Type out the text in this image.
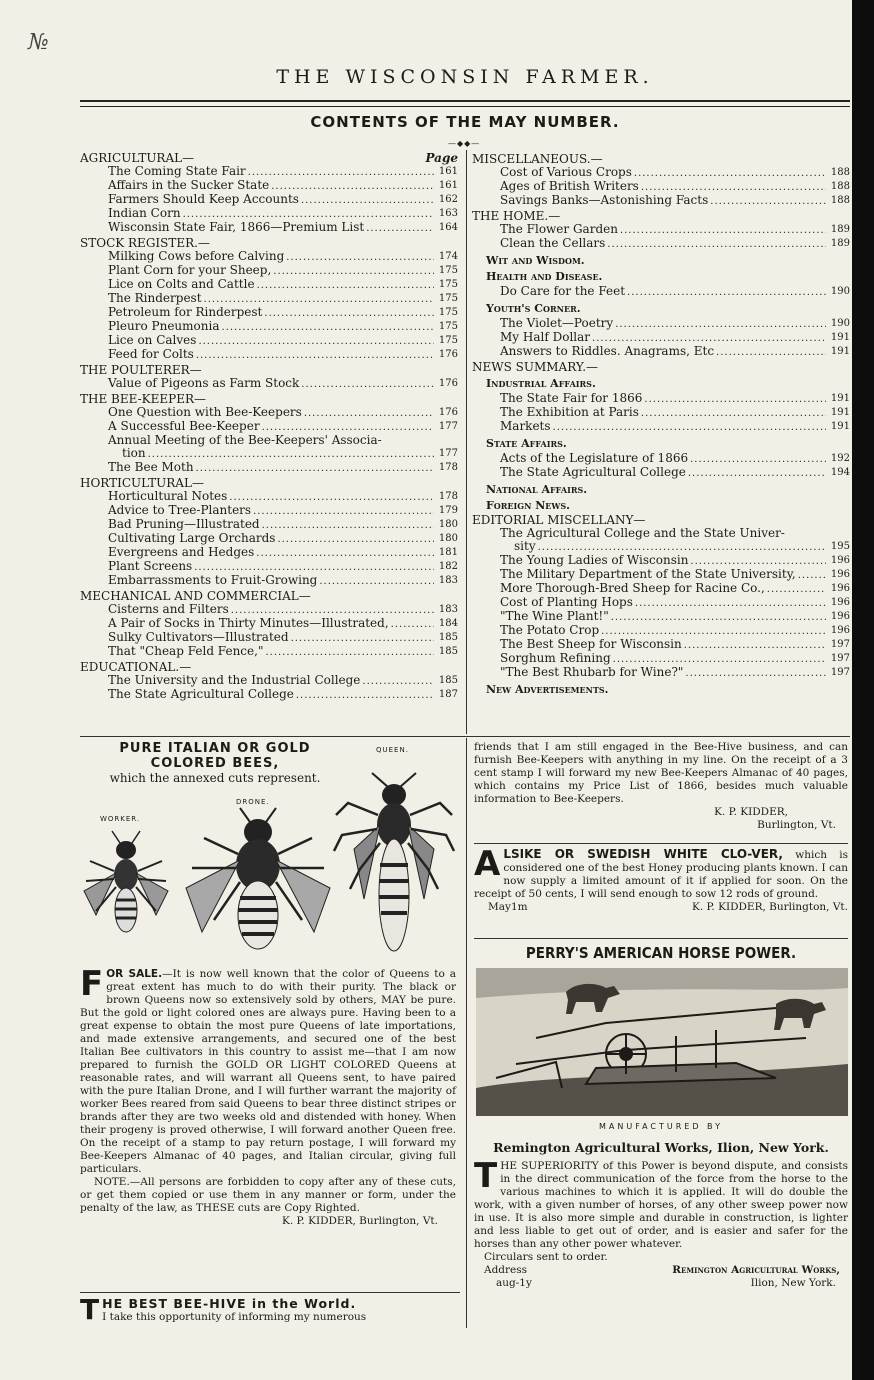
№
THE WISCONSIN FARMER.
CONTENTS OF THE MAY NUMBER.
—◆◆—
AGRICULTURAL—	Page
The Coming State Fair .....	161
Affairs in the Sucker State .....	161
Farmers Should Keep Accounts .....	162
Indian Corn .....	163
Wisconsin State Fair, 1866—Premium List .....	164
STOCK REGISTER.—
Milking Cows before Calving .....	174
Plant Corn for your Sheep, .....	175
Lice on Colts and Cattle .....	175
The Rinderpest .....	175
Petroleum for Rinderpest .....	175
Pleuro Pneumonia .....	175
Lice on Calves .....	175
Feed for Colts .....	176
THE POULTERER—
Value of Pigeons as Farm Stock .....	176
THE BEE-KEEPER—
One Question with Bee-Keepers .....	176
A Successful Bee-Keeper .....	177
Annual Meeting of the Bee-Keepers' Associa-
tion .....	177
The Bee Moth .....	178
HORTICULTURAL—
Horticultural Notes .....	178
Advice to Tree-Planters .....	179
Bad Pruning—Illustrated .....	180
Cultivating Large Orchards .....	180
Evergreens and Hedges .....	181
Plant Screens .....	182
Embarrassments to Fruit-Growing .....	183
MECHANICAL AND COMMERCIAL—
Cisterns and Filters .....	183
A Pair of Socks in Thirty Minutes—Illustrated, .....	184
Sulky Cultivators—Illustrated .....	185
That "Cheap Feld Fence," .....	185
EDUCATIONAL.—
The University and the Industrial College .....	185
The State Agricultural College .....	187
MISCELLANEOUS.—
Cost of Various Crops .....	188
Ages of British Writers .....	188
Savings Banks—Astonishing Facts .....	188
THE HOME.—
The Flower Garden .....	189
Clean the Cellars .....	189
Wit and Wisdom.
Health and Disease.
Do Care for the Feet .....	190
Youth's Corner.
The Violet—Poetry .....	190
My Half Dollar .....	191
Answers to Riddles. Anagrams, Etc .....	191
NEWS SUMMARY.—
Industrial Affairs.
The State Fair for 1866 .....	191
The Exhibition at Paris .....	191
Markets .....	191
State Affairs.
Acts of the Legislature of 1866 .....	192
The State Agricultural College .....	194
National Affairs.
Foreign News.
EDITORIAL MISCELLANY—
The Agricultural College and the State Univer-
sity .....	195
The Young Ladies of Wisconsin .....	196
The Military Department of the State University, .....	196
More Thorough-Bred Sheep for Racine Co., .....	196
Cost of Planting Hops .....	196
"The Wine Plant!" .....	196
The Potato Crop .....	196
The Best Sheep for Wisconsin .....	197
Sorghum Refining .....	197
"The Best Rhubarb for Wine?" .....	197
New Advertisements.
PURE ITALIAN OR GOLD
COLORED BEES,
which the annexed cuts represent.
QUEEN.
DRONE.
WORKER.
FOR SALE.—It is now well known that the color of Queens to a great extent has much to do with their purity. The black or brown Queens now so extensively sold by others, MAY be pure. But the gold or light colored ones are always pure. Having been to a great expense to obtain the most pure Queens of late importations, and made extensive arrangements, and secured one of the best Italian Bee cultivators in this country to assist me—that I am now prepared to furnish the GOLD OR LIGHT COLORED Queens at reasonable rates, and will warrant all Queens sent, to have paired with the pure Italian Drone, and I will further warrant the majority of worker Bees reared from said Queens to bear three distinct stripes or brands after they are two weeks old and distended with honey. When their progeny is proved otherwise, I will forward another Queen free. On the receipt of a stamp to pay return postage, I will forward my Bee-Keepers Almanac of 40 pages, and Italian circular, giving full particulars.
NOTE.—All persons are forbidden to copy after any of these cuts, or get them copied or use them in any manner or form, under the penalty of the law, as THESE cuts are Copy Righted.
K. P. KIDDER, Burlington, Vt.
T HE BEST BEE-HIVE in the World.
I take this opportunity of informing my numerous
friends that I am still engaged in the Bee-Hive business, and can furnish Bee-Keepers with anything in my line. On the receipt of a 3 cent stamp I will forward my new Bee-Keepers Almanac of 40 pages, which contains my Price List of 1866, besides much valuable information to Bee-Keepers.
K. P. KIDDER,
Burlington, Vt.
ALSIKE OR SWEDISH WHITE CLO-VER, which is considered one of the best Honey producing plants known. I can now supply a limited amount of it if applied for soon. On the receipt of 50 cents, I will send enough to sow 12 rods of ground.
May1m	K. P. KIDDER, Burlington, Vt.
PERRY'S AMERICAN HORSE POWER.
MANUFACTURED BY
Remington Agricultural Works, Ilion, New York.
THE SUPERIORITY of this Power is beyond dispute, and consists in the direct communication of the force from the horse to the various machines to which it is applied. It will do double the work, with a given number of horses, of any other sweep power now in use. It is also more simple and durable in construction, is lighter and less liable to get out of order, and is easier and safer for the horses than any other power whatever.
Circulars sent to order.
Address	Remington Agricultural Works,
aug-1y	Ilion, New York.
